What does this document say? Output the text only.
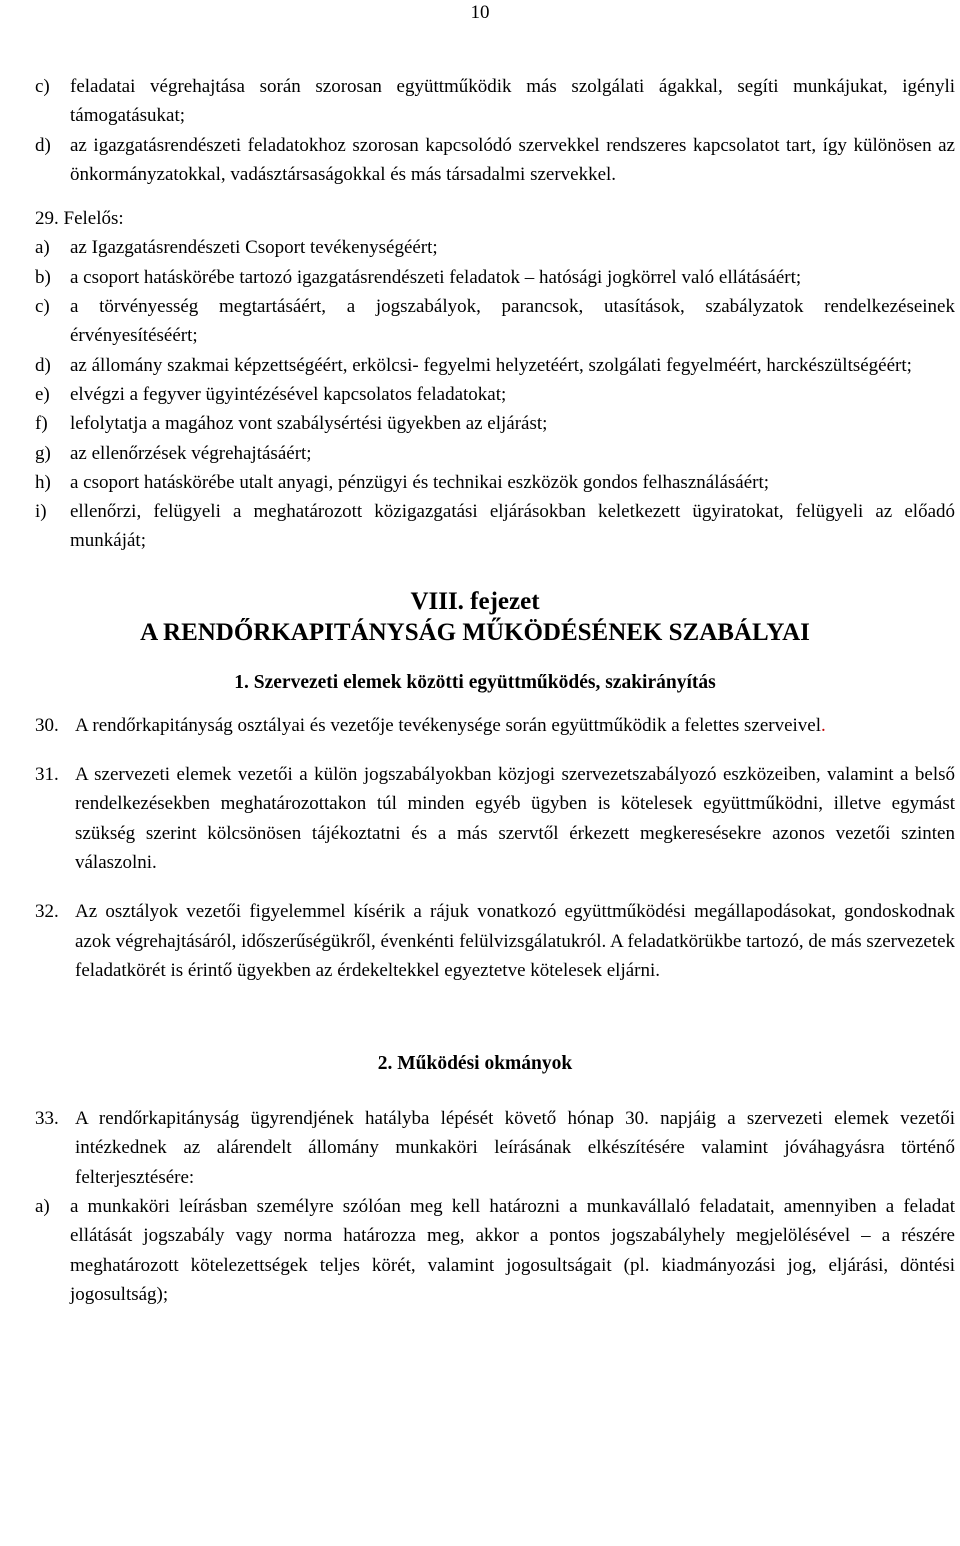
10
c) feladatai végrehajtása során szorosan együttműködik más szolgálati ágakkal, segíti munkájukat, igényli támogatásukat;
d) az igazgatásrendészeti feladatokhoz szorosan kapcsolódó szervekkel rendszeres kapcsolatot tart, így különösen az önkormányzatokkal, vadásztársaságokkal és más társadalmi szervekkel.
29. Felelős:
a) az Igazgatásrendészeti Csoport tevékenységéért;
b) a csoport hatáskörébe tartozó igazgatásrendészeti feladatok – hatósági jogkörrel való ellátásáért;
c) a törvényesség megtartásáért, a jogszabályok, parancsok, utasítások, szabályzatok rendelkezéseinek érvényesítéséért;
d) az állomány szakmai képzettségéért, erkölcsi- fegyelmi helyzetéért, szolgálati fegyelméért, harckészültségéért;
e) elvégzi a fegyver ügyintézésével kapcsolatos feladatokat;
f) lefolytatja a magához vont szabálysértési ügyekben az eljárást;
g) az ellenőrzések végrehajtásáért;
h) a csoport hatáskörébe utalt anyagi, pénzügyi és technikai eszközök gondos felhasználásáért;
i) ellenőrzi, felügyeli a meghatározott közigazgatási eljárásokban keletkezett ügyiratokat, felügyeli az előadó munkáját;
VIII. fejezet
A RENDŐRKAPITÁNYSÁG MŰKÖDÉSÉNEK SZABÁLYAI
1. Szervezeti elemek közötti együttműködés, szakirányítás
30. A rendőrkapitányság osztályai és vezetője tevékenysége során együttműködik a felettes szerveivel.
31. A szervezeti elemek vezetői a külön jogszabályokban közjogi szervezetszabályozó eszközeiben, valamint a belső rendelkezésekben meghatározottakon túl minden egyéb ügyben is kötelesek együttműködni, illetve egymást szükség szerint kölcsönösen tájékoztatni és a más szervtől érkezett megkeresésekre azonos vezetői szinten válaszolni.
32. Az osztályok vezetői figyelemmel kísérik a rájuk vonatkozó együttműködési megállapodásokat, gondoskodnak azok végrehajtásáról, időszerűségükről, évenkénti felülvizsgálatukról. A feladatkörükbe tartozó, de más szervezetek feladatkörét is érintő ügyekben az érdekeltekkel egyeztetve kötelesek eljárni.
2. Működési okmányok
33. A rendőrkapitányság ügyrendjének hatályba lépését követő hónap 30. napjáig a szervezeti elemek vezetői intézkednek az alárendelt állomány munkaköri leírásának elkészítésére valamint jóváhagyásra történő felterjesztésére:
a) a munkaköri leírásban személyre szólóan meg kell határozni a munkavállaló feladatait, amennyiben a feladat ellátását jogszabály vagy norma határozza meg, akkor a pontos jogszabályhely megjelölésével – a részére meghatározott kötelezettségek teljes körét, valamint jogosultságait (pl. kiadmányozási jog, eljárási, döntési jogosultság);
